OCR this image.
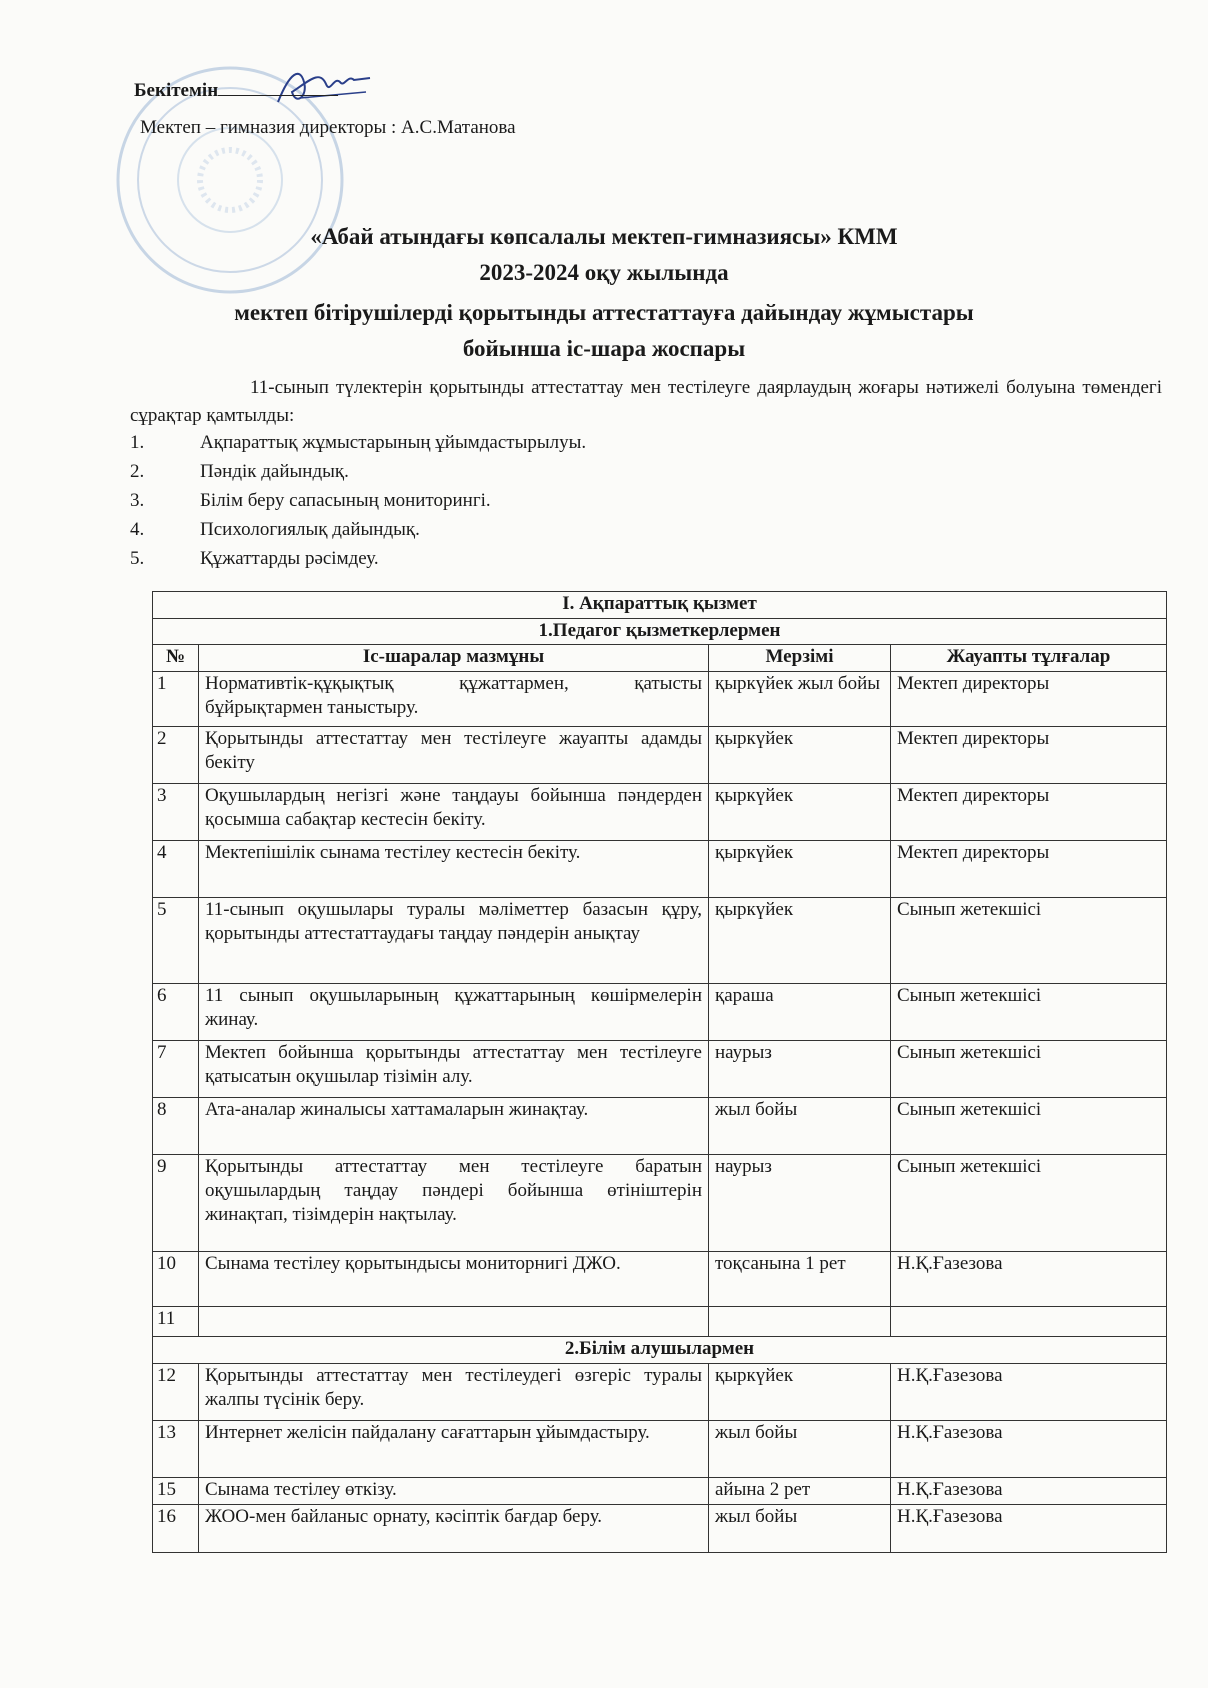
Бекітемін
Мектеп – гимназия директоры : А.С.Матанова
«Абай атындағы көпсалалы мектеп-гимназиясы» КММ
2023-2024 оқу жылында
мектеп бітірушілерді қорытынды аттестаттауға дайындау жұмыстары
бойынша іс-шара жоспары
11-сынып түлектерін қорытынды аттестаттау мен тестілеуге даярлаудың жоғары нәтижелі болуына төмендегі сұрақтар қамтылды:
1.	Ақпараттық жұмыстарының ұйымдастырылуы.
2.	Пәндік дайындық.
3.	Білім беру сапасының мониторингі.
4.	Психологиялық дайындық.
5.	Құжаттарды рәсімдеу.
І. Ақпараттық қызмет			
1.Педагог қызметкерлермен			
№	Іс-шаралар мазмұны	Мерзімі	Жауапты тұлғалар
1	Нормативтік-құқықтық құжаттармен, қатысты бұйрықтармен таныстыру.	қыркүйек жыл бойы	Мектеп директоры
2	Қорытынды аттестаттау мен тестілеуге жауапты адамды бекіту	қыркүйек	Мектеп директоры
3	Оқушылардың негізгі және таңдауы бойынша пәндерден қосымша сабақтар кестесін бекіту.	қыркүйек	Мектеп директоры
4	Мектепішілік сынама тестілеу кестесін бекіту.	қыркүйек	Мектеп директоры
5	11-сынып оқушылары туралы мәліметтер базасын құру, қорытынды аттестаттаудағы таңдау пәндерін анықтау	қыркүйек	Сынып жетекшісі
6	11 сынып оқушыларының құжаттарының көшірмелерін жинау.	қараша	Сынып жетекшісі
7	Мектеп бойынша қорытынды аттестаттау мен тестілеуге қатысатын оқушылар тізімін алу.	наурыз	Сынып жетекшісі
8	Ата-аналар жиналысы хаттамаларын жинақтау.	жыл бойы	Сынып жетекшісі
9	Қорытынды аттестаттау мен тестілеуге баратын оқушылардың таңдау пәндері бойынша өтініштерін жинақтап, тізімдерін нақтылау.	наурыз	Сынып жетекшісі
10	Сынама тестілеу қорытындысы мониторнигі ДЖО.	тоқсанына 1 рет	Н.Қ.Ғазезова
11			
2.Білім алушылармен			
12	Қорытынды аттестаттау мен тестілеудегі өзгеріс туралы жалпы түсінік беру.	қыркүйек	Н.Қ.Ғазезова
13	Интернет желісін пайдалану сағаттарын ұйымдастыру.	жыл бойы	Н.Қ.Ғазезова
15	Сынама тестілеу өткізу.	айына 2 рет	Н.Қ.Ғазезова
16	ЖОО-мен байланыс орнату, кәсіптік бағдар беру.	жыл бойы	Н.Қ.Ғазезова
